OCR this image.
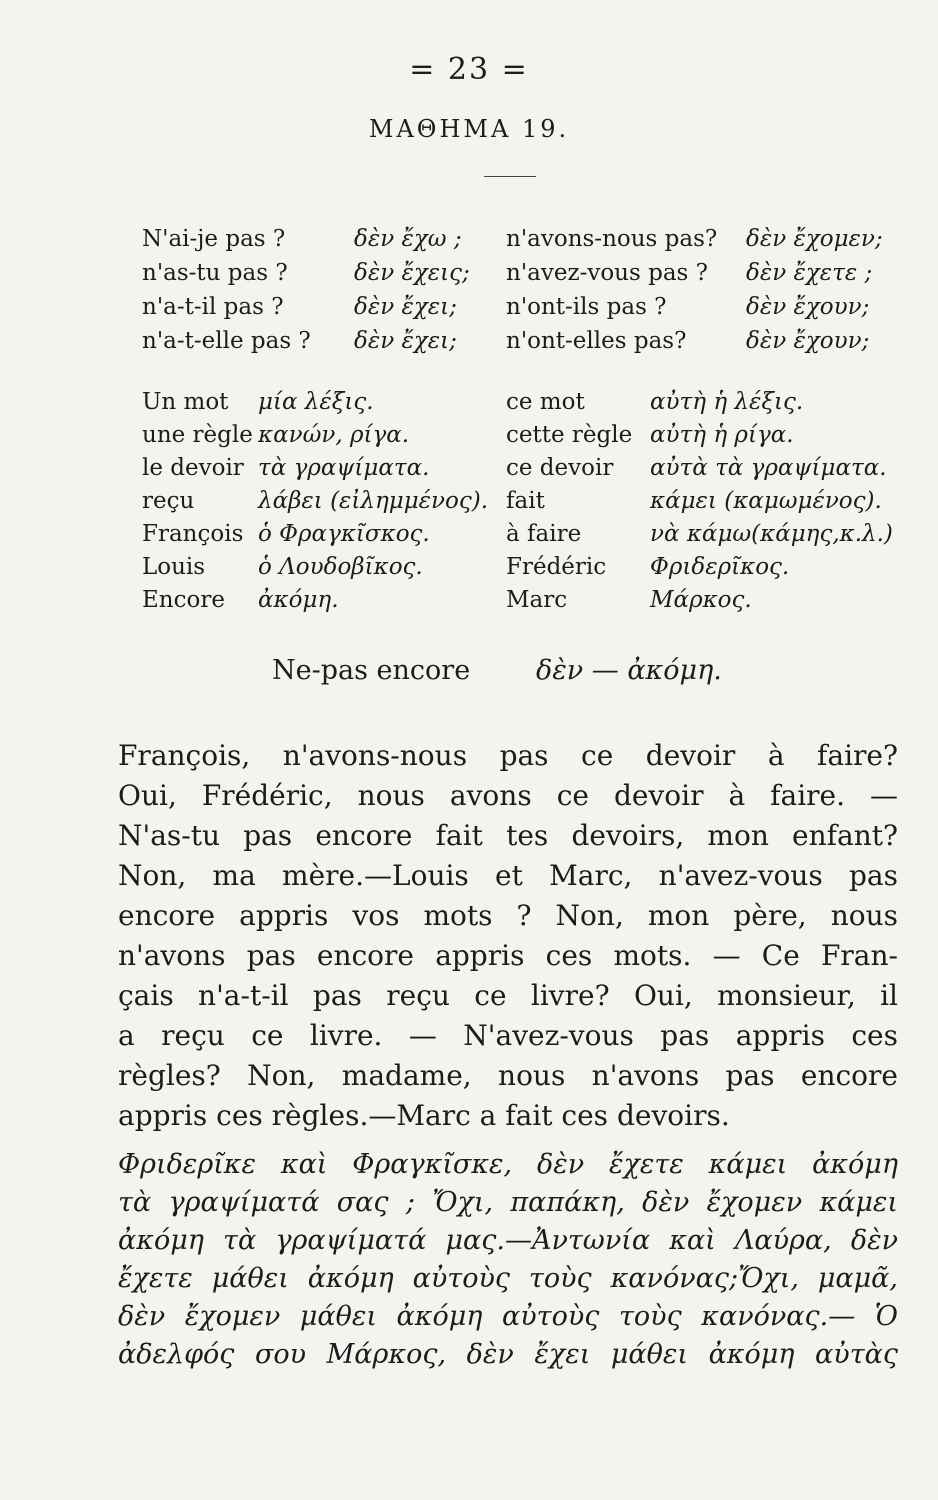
= 23 =
ΜΑΘΗΜΑ 19.
N'ai-je pas ?	δὲν ἔχω ; n'avons-nous pas? δὲν ἔχομεν;
n'as-tu pas ?	δὲν ἔχεις; n'avez-vous pas ? δὲν ἔχετε ;
n'a-t-il pas ?	δὲν ἔχει; n'ont-ils pas ?	δὲν ἔχουν;
n'a-t-elle pas ? δὲν ἔχει; n'ont-elles pas?	δὲν ἔχουν;
Un mot μία λέξις.	ce mot	αὐτὴ ἡ λέξις.
une règle κανών, ρίγα.	cette règle αὐτὴ ἡ ρίγα.
le devoir τὰ γραψίματα.	ce devoir αὐτὰ τὰ γραψίματα.
reçu	λάβει (εἰλημμένος). fait	κάμει (καμωμένος).
François ὁ Φραγκῖσκος.	à faire	νὰ κάμω(κάμης,κ.λ.)
Louis ὁ Λουδοβῖκος.	Frédéric Φριδερῖκος.
Encore ἀκόμη.	Marc	Μάρκος.
Ne-pas encore δὲν — ἀκόμη.
François, n'avons-nous pas ce devoir à faire?
Oui, Frédéric, nous avons ce devoir à faire. —
N'as-tu pas encore fait tes devoirs, mon enfant?
Non, ma mère.—Louis et Marc, n'avez-vous pas
encore appris vos mots ? Non, mon père, nous
n'avons pas encore appris ces mots. — Ce Fran-
çais n'a-t-il pas reçu ce livre? Oui, monsieur, il
a reçu ce livre. — N'avez-vous pas appris ces
règles? Non, madame, nous n'avons pas encore
appris ces règles.—Marc a fait ces devoirs.
Φριδερῖκε καὶ Φραγκῖσκε, δὲν ἔχετε κάμει ἀκόμη
τὰ γραψίματά σας ; Ὄχι, παπάκη, δὲν ἔχομεν κάμει
ἀκόμη τὰ γραψίματά μας.—Ἀντωνία καὶ Λαύρα, δὲν
ἔχετε μάθει ἀκόμη αὐτοὺς τοὺς κανόνας;Ὄχι, μαμᾶ,
δὲν ἔχομεν μάθει ἀκόμη αὐτοὺς τοὺς κανόνας.— Ὁ
ἀδελφός σου Μάρκος, δὲν ἔχει μάθει ἀκόμη αὐτὰς
